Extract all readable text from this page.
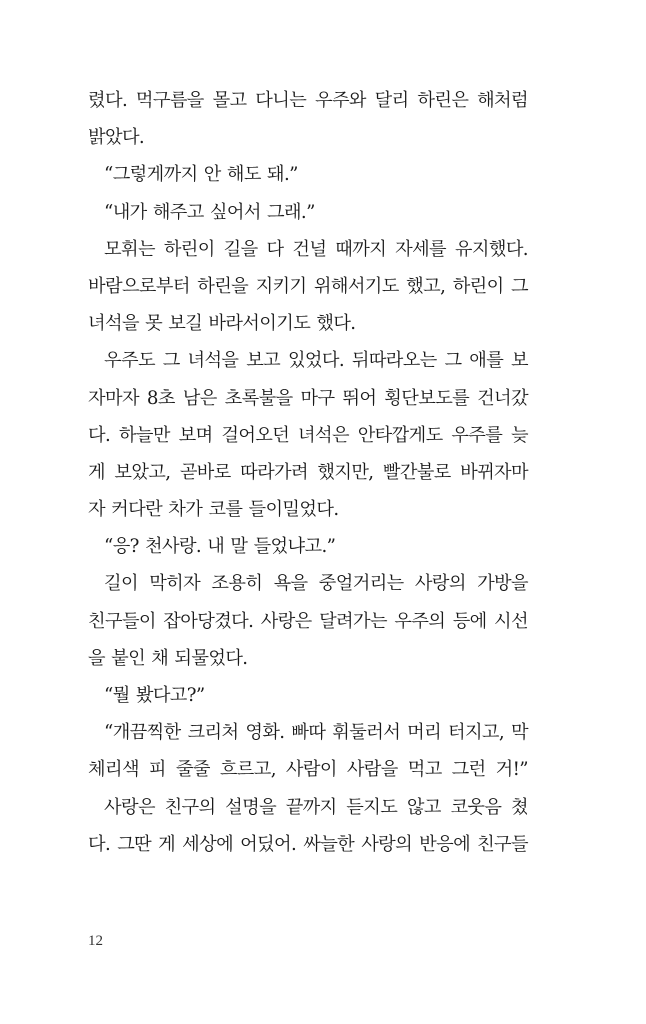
렸다. 먹구름을 몰고 다니는 우주와 달리 하린은 해처럼
밝았다.
“그렇게까지 안 해도 돼.”
“내가 해주고 싶어서 그래.”
모휘는 하린이 길을 다 건널 때까지 자세를 유지했다.
바람으로부터 하린을 지키기 위해서기도 했고, 하린이 그
녀석을 못 보길 바라서이기도 했다.
우주도 그 녀석을 보고 있었다. 뒤따라오는 그 애를 보
자마자 8초 남은 초록불을 마구 뛰어 횡단보도를 건너갔
다. 하늘만 보며 걸어오던 녀석은 안타깝게도 우주를 늦
게 보았고, 곧바로 따라가려 했지만, 빨간불로 바뀌자마
자 커다란 차가 코를 들이밀었다.
“응? 천사랑. 내 말 들었냐고.”
길이 막히자 조용히 욕을 중얼거리는 사랑의 가방을
친구들이 잡아당겼다. 사랑은 달려가는 우주의 등에 시선
을 붙인 채 되물었다.
“뭘 봤다고?”
“개끔찍한 크리처 영화. 빠따 휘둘러서 머리 터지고, 막
체리색 피 줄줄 흐르고, 사람이 사람을 먹고 그런 거!”
사랑은 친구의 설명을 끝까지 듣지도 않고 코웃음 쳤
다. 그딴 게 세상에 어딨어. 싸늘한 사랑의 반응에 친구들
12
